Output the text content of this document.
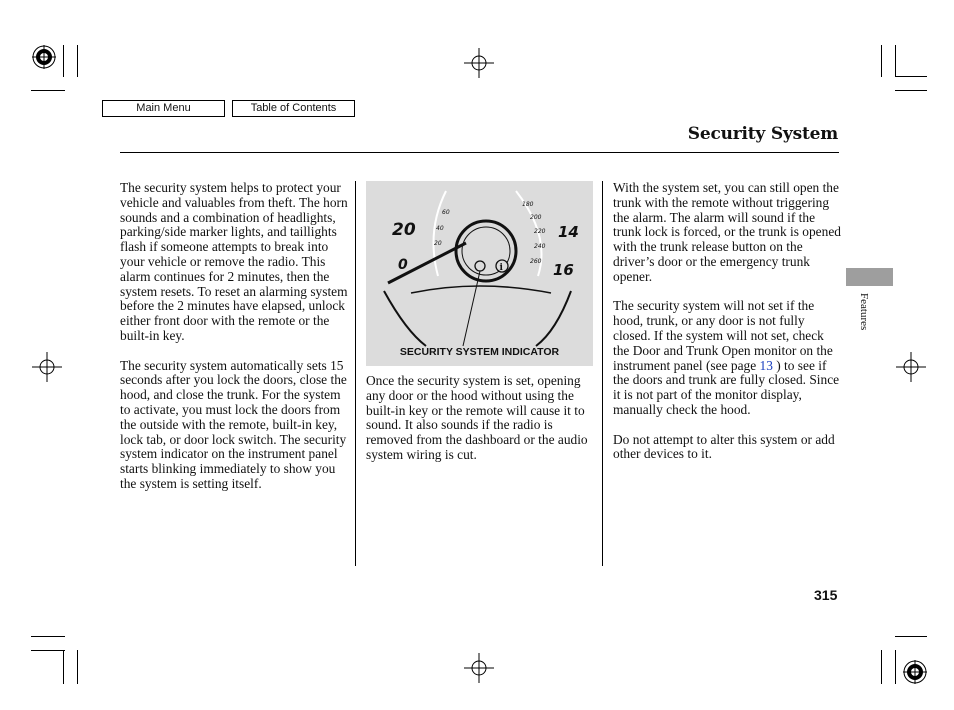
Main Menu	Table of Contents
Security System
Features

The security system helps to protect your vehicle and valuables from theft. The horn sounds and a combination of headlights, parking/side marker lights, and taillights flash if someone attempts to break into your vehicle or remove the radio. This alarm continues for 2 minutes, then the system resets. To reset an alarming system before the 2 minutes have elapsed, unlock either front door with the remote or the built-in key.

The security system automatically sets 15 seconds after you lock the doors, close the hood, and close the trunk. For the system to activate, you must lock the doors from the outside with the remote, built-in key, lock tab, or door lock switch. The security system indicator on the instrument panel starts blinking immediately to show you the system is setting itself.

i
20
0
14
16
60
40
20
180
200
220
240
260
SECURITY SYSTEM INDICATOR

Once the security system is set, opening any door or the hood without using the built-in key or the remote will cause it to sound. It also sounds if the radio is removed from the dashboard or the audio system wiring is cut.

With the system set, you can still open the trunk with the remote without triggering the alarm. The alarm will sound if the trunk lock is forced, or the trunk is opened with the trunk release button on the driver’s door or the emergency trunk opener.

The security system will not set if the hood, trunk, or any door is not fully closed. If the system will not set, check the Door and Trunk Open monitor on the instrument panel (see page 13 ) to see if the doors and trunk are fully closed. Since it is not part of the monitor display, manually check the hood.

Do not attempt to alter this system or add other devices to it.

315
